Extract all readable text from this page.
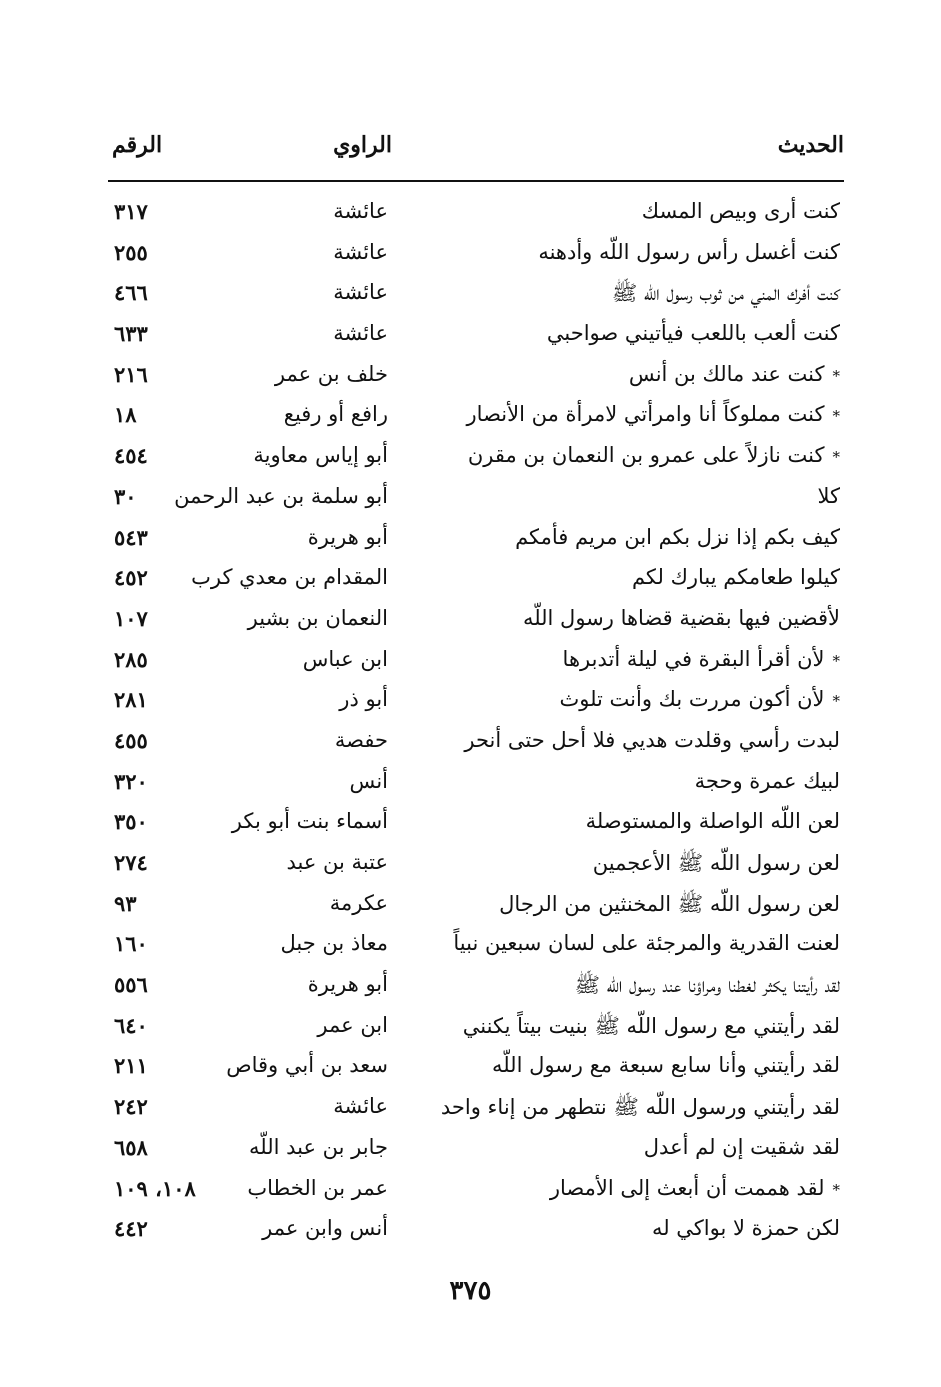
الحديث
الراوي
الرقم
كنت أرى وبيص المسك
عائشة
٣١٧
كنت أغسل رأس رسول اللّه وأدهنه
عائشة
٢٥٥
كنت أفرك المني من ثوب رسول اللّه ﷺ
عائشة
٤٦٦
كنت ألعب باللعب فيأتيني صواحبي
عائشة
٦٣٣
*كنت عند مالك بن أنس
خلف بن عمر
٢١٦
*كنت مملوكاً أنا وامرأتي لامرأة من الأنصار
رافع أو رفيع
١٨
*كنت نازلاً على عمرو بن النعمان بن مقرن
أبو إياس معاوية
٤٥٤
كلا
أبو سلمة بن عبد الرحمن
٣٠
كيف بكم إذا نزل بكم ابن مريم فأمكم
أبو هريرة
٥٤٣
كيلوا طعامكم يبارك لكم
المقدام بن معدي كرب
٤٥٢
لأقضين فيها بقضية قضاها رسول اللّه
النعمان بن بشير
١٠٧
*لأن أقرأ البقرة في ليلة أتدبرها
ابن عباس
٢٨٥
*لأن أكون مررت بك وأنت تلوث
أبو ذر
٢٨١
لبدت رأسي وقلدت هديي فلا أحل حتى أنحر
حفصة
٤٥٥
لبيك عمرة وحجة
أنس
٣٢٠
لعن اللّه الواصلة والمستوصلة
أسماء بنت أبو بكر
٣٥٠
لعن رسول اللّه ﷺ الأعجمين
عتبة بن عبد
٢٧٤
لعن رسول اللّه ﷺ المخنثين من الرجال
عكرمة
٩٣
لعنت القدرية والمرجئة على لسان سبعين نبياً
معاذ بن جبل
١٦٠
لقد رأيتنا يكثر لغطنا ومراؤنا عند رسول اللّه ﷺ
أبو هريرة
٥٥٦
لقد رأيتني مع رسول اللّه ﷺ بنيت بيتاً يكنني
ابن عمر
٦٤٠
لقد رأيتني وأنا سابع سبعة مع رسول اللّه
سعد بن أبي وقاص
٢١١
لقد رأيتني ورسول اللّه ﷺ نتطهر من إناء واحد
عائشة
٢٤٢
لقد شقيت إن لم أعدل
جابر بن عبد اللّه
٦٥٨
*لقد هممت أن أبعث إلى الأمصار
عمر بن الخطاب
١٠٨، ١٠٩
لكن حمزة لا بواكي له
أنس وابن عمر
٤٤٢
٣٧٥
